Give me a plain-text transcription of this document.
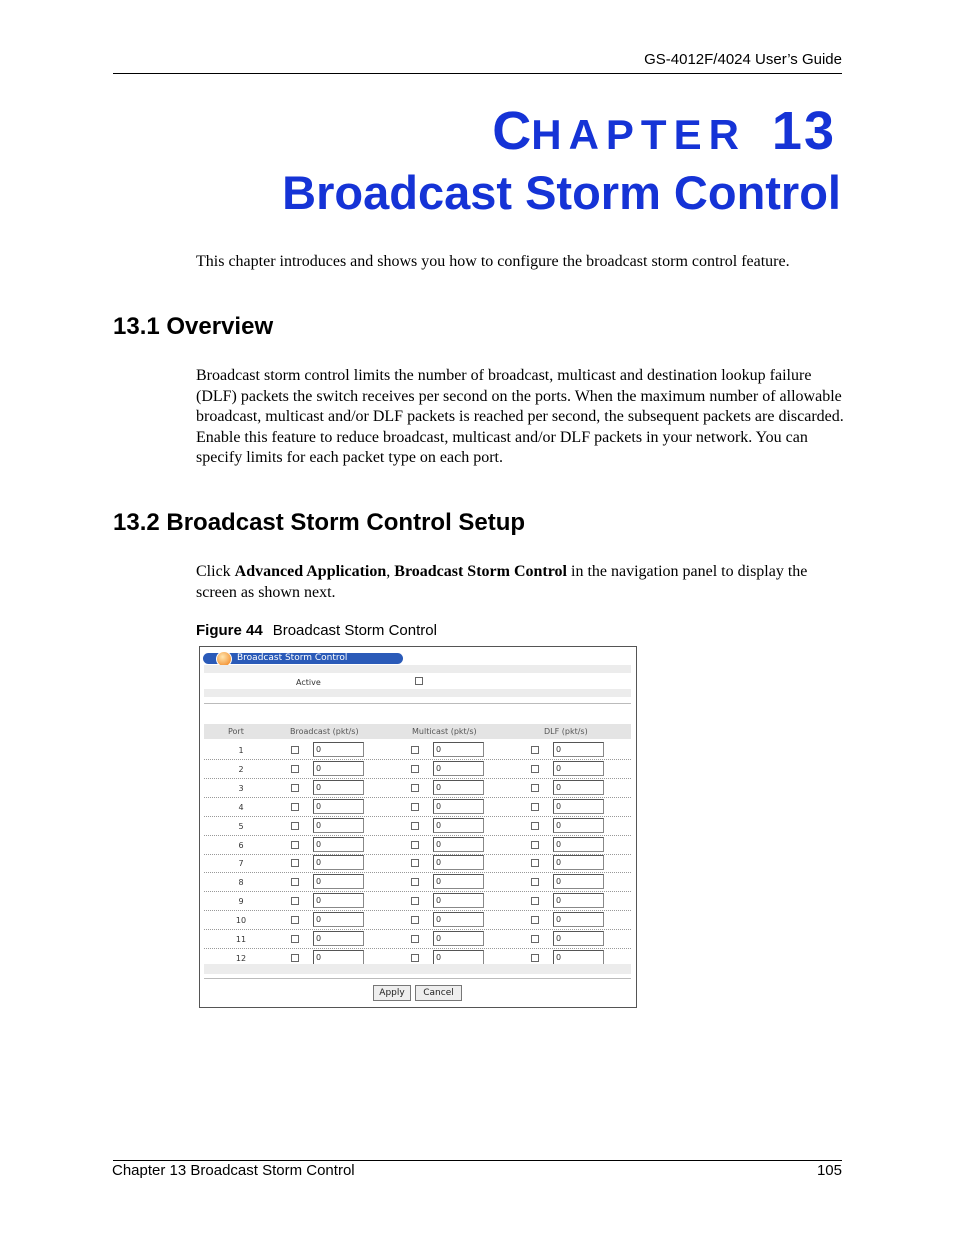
GS-4012F/4024 User’s Guide
CHAPTER 13
Broadcast Storm Control
This chapter introduces and shows you how to configure the broadcast storm control feature.
13.1 Overview
Broadcast storm control limits the number of broadcast, multicast and destination lookup failure (DLF) packets the switch receives per second on the ports. When the maximum number of allowable broadcast, multicast and/or DLF packets is reached per second, the subsequent packets are discarded. Enable this feature to reduce broadcast, multicast and/or DLF packets in your network. You can specify limits for each packet type on each port.
13.2 Broadcast Storm Control Setup
Click Advanced Application, Broadcast Storm Control in the navigation panel to display the screen as shown next.
Figure 44 Broadcast Storm Control
Broadcast Storm Control
Active
Port	Broadcast (pkt/s)	Multicast (pkt/s)	DLF (pkt/s)
1	0	0	0
2	0	0	0
3	0	0	0
4	0	0	0
5	0	0	0
6	0	0	0
7	0	0	0
8	0	0	0
9	0	0	0
10	0	0	0
11	0	0	0
12	0	0	0
Apply	Cancel
Chapter 13 Broadcast Storm Control	105
